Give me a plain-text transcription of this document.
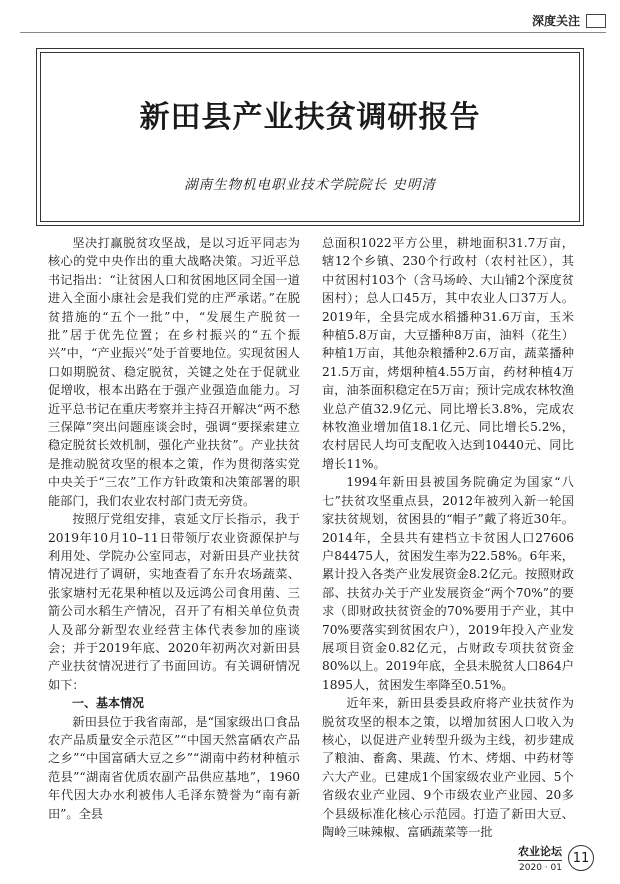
深度关注
新田县产业扶贫调研报告
湖南生物机电职业技术学院院长 史明清

坚决打赢脱贫攻坚战，是以习近平同志为核心的党中央作出的重大战略决策。习近平总书记指出：“让贫困人口和贫困地区同全国一道进入全面小康社会是我们党的庄严承诺。”在脱贫措施的“五个一批”中，“发展生产脱贫一批”居于优先位置；在乡村振兴的“五个振兴”中，“产业振兴”处于首要地位。实现贫困人口如期脱贫、稳定脱贫，关键之处在于促就业促增收，根本出路在于强产业强造血能力。习近平总书记在重庆考察并主持召开解决“两不愁三保障”突出问题座谈会时，强调“要探索建立稳定脱贫长效机制，强化产业扶贫”。产业扶贫是推动脱贫攻坚的根本之策，作为贯彻落实党中央关于“三农”工作方针政策和决策部署的职能部门，我们农业农村部门责无旁贷。

按照厅党组安排，袁延文厅长指示，我于2019年10月10–11日带领厅农业资源保护与利用处、学院办公室同志，对新田县产业扶贫情况进行了调研，实地查看了东升农场蔬菜、张家塘村无花果种植以及远鸿公司食用菌、三箭公司水稻生产情况，召开了有相关单位负责人及部分新型农业经营主体代表参加的座谈会；并于2019年底、2020年初两次对新田县产业扶贫情况进行了书面回访。有关调研情况如下：

一、基本情况

新田县位于我省南部，是“国家级出口食品农产品质量安全示范区”“中国天然富硒农产品之乡”“中国富硒大豆之乡”“湖南中药材种植示范县”“湖南省优质农副产品供应基地”，1960年代因大办水利被伟人毛泽东赞誉为“南有新田”。全县

总面积1022平方公里，耕地面积31.7万亩，辖12个乡镇、230个行政村（农村社区），其中贫困村103个（含马场岭、大山铺2个深度贫困村）；总人口45万，其中农业人口37万人。2019年，全县完成水稻播种31.6万亩，玉米种植5.8万亩，大豆播种8万亩，油料（花生）种植1万亩，其他杂粮播种2.6万亩，蔬菜播种21.5万亩，烤烟种植4.55万亩，药材种植4万亩，油茶面积稳定在5万亩；预计完成农林牧渔业总产值32.9亿元、同比增长3.8%，完成农林牧渔业增加值18.1亿元、同比增长5.2%，农村居民人均可支配收入达到10440元、同比增长11%。

1994年新田县被国务院确定为国家“八七”扶贫攻坚重点县，2012年被列入新一轮国家扶贫规划，贫困县的“帽子”戴了将近30年。2014年，全县共有建档立卡贫困人口27606户84475人，贫困发生率为22.58%。6年来，累计投入各类产业发展资金8.2亿元。按照财政部、扶贫办关于产业发展资金“两个70%”的要求（即财政扶贫资金的70%要用于产业，其中70%要落实到贫困农户），2019年投入产业发展项目资金0.82亿元，占财政专项扶贫资金80%以上。2019年底，全县未脱贫人口864户1895人，贫困发生率降至0.51%。

近年来，新田县委县政府将产业扶贫作为脱贫攻坚的根本之策，以增加贫困人口收入为核心，以促进产业转型升级为主线，初步建成了粮油、畜禽、果蔬、竹木、烤烟、中药材等六大产业。已建成1个国家级农业产业园、5个省级农业产业园、9个市级农业产业园、20多个县级标准化核心示范园。打造了新田大豆、陶岭三味辣椒、富硒蔬菜等一批

农业论坛
2020 · 01
11
